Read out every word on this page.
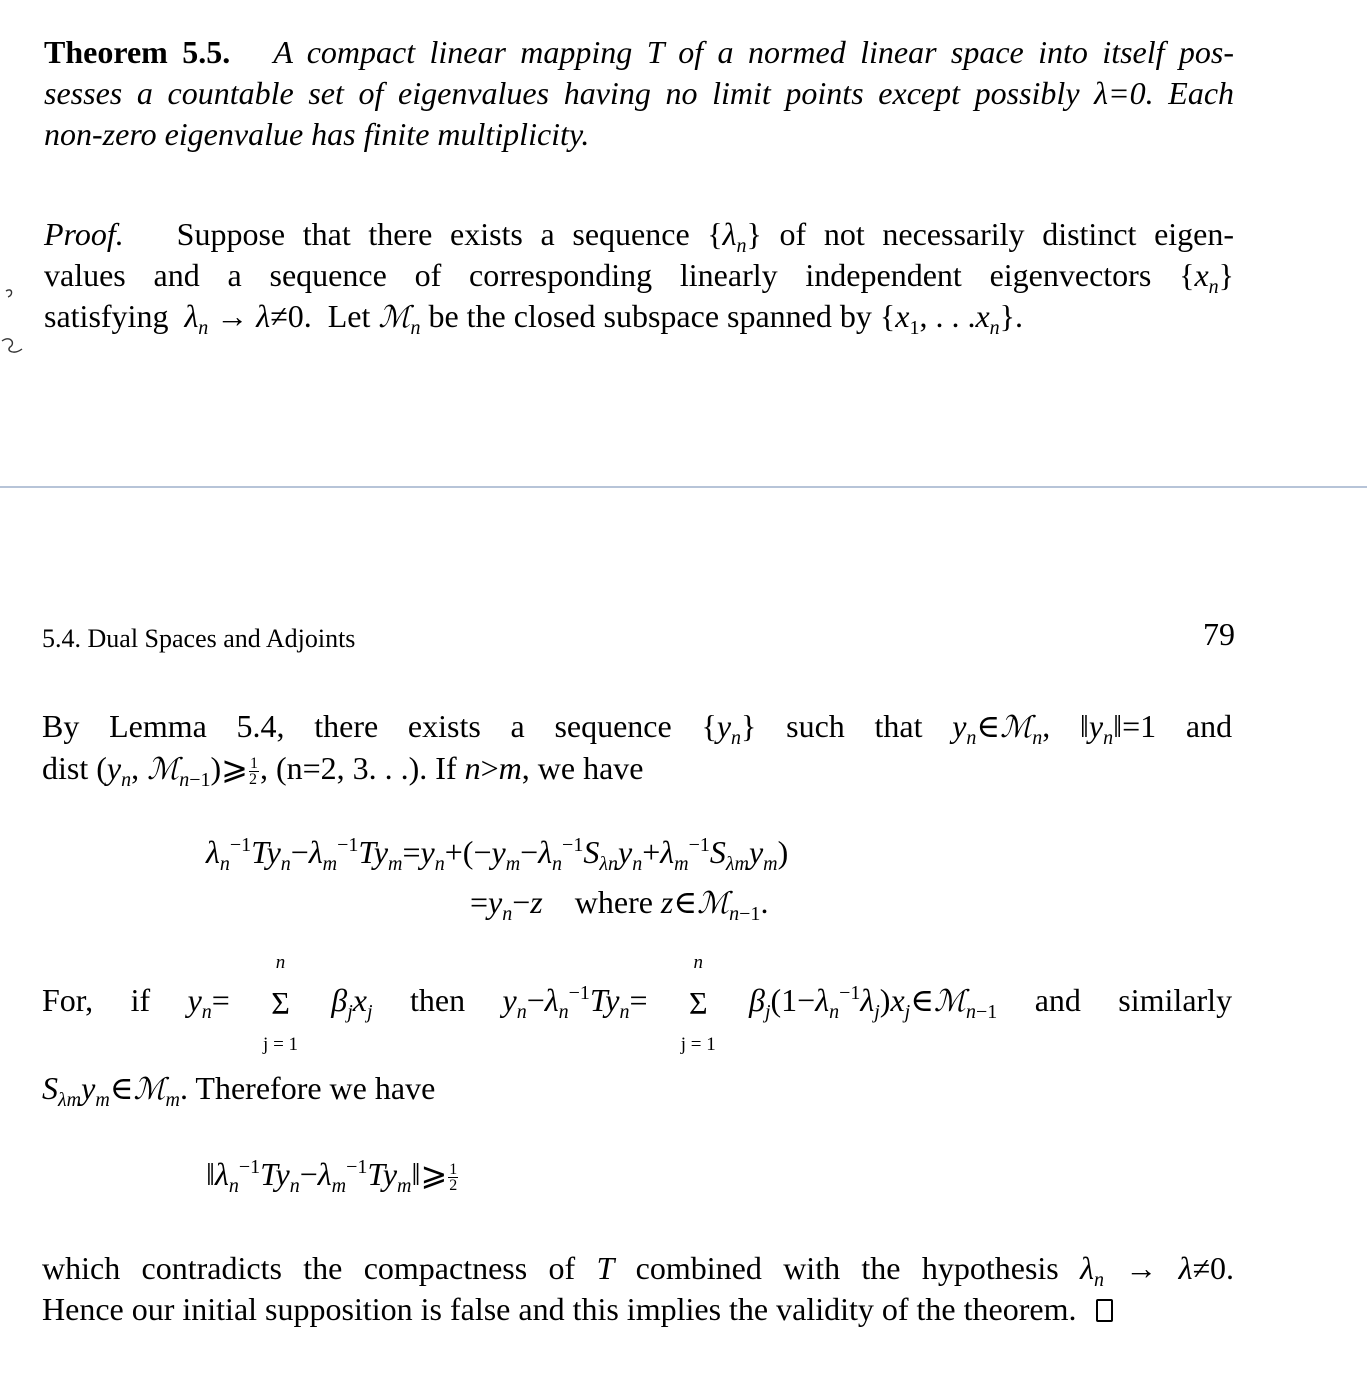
Theorem 5.5. A compact linear mapping T of a normed linear space into itself pos-
sesses a countable set of eigenvalues having no limit points except possibly λ=0. Each
non-zero eigenvalue has finite multiplicity.
Proof. Suppose that there exists a sequence $\{\lambda_n\}$ of not necessarily distinct eigen-
values and a sequence of corresponding linearly independent eigenvectors $\{x_n\}$
satisfying $\lambda_n \to \lambda\ne 0$.  Let ℳ$_n$ be the closed subspace spanned by {$x_1$, . . $.x_n$}.
5.4. Dual Spaces and Adjoints	79
By Lemma 5.4, there exists a sequence $\{y_n\}$ such that $y_n\in ℳ_n$, $‖y_n‖=1$ and
dist ($y_n$, ℳ$_{n-1}$)⩾ $\frac{1}{2}$ , (n=2, 3. . .). If n>m, we have
$\lambda_n^{-1}Ty_n-\lambda_m^{-1}Ty_m=y_n+(-y_m-\lambda_n^{-1}S_{\lambda n}y_n+\lambda_m^{-1}S_{\lambda m}y_m)$
$=y_n-z$ where z∈ℳ$_{n-1}$.
For, if $y_n= \Sigma$
n
j = 1
$\beta_jx_j$ then $y_n-\lambda_n^{-1}Ty_n= \Sigma$
n
j = 1
$\beta_j(1-\lambda_n^{-1}\lambda_j)x_j\in ℳ_{n-1}$ and similarly
$S_{\lambda m}y_m\in ℳ_m$. Therefore we have
$‖\lambda_n^{-1}Ty_n-\lambda_m^{-1}Ty_m‖⩾ \frac{1}{2}$
which contradicts the compactness of T combined with the hypothesis $\lambda_n \to \lambda\ne 0$.
Hence our initial supposition is false and this implies the validity of the theorem.
